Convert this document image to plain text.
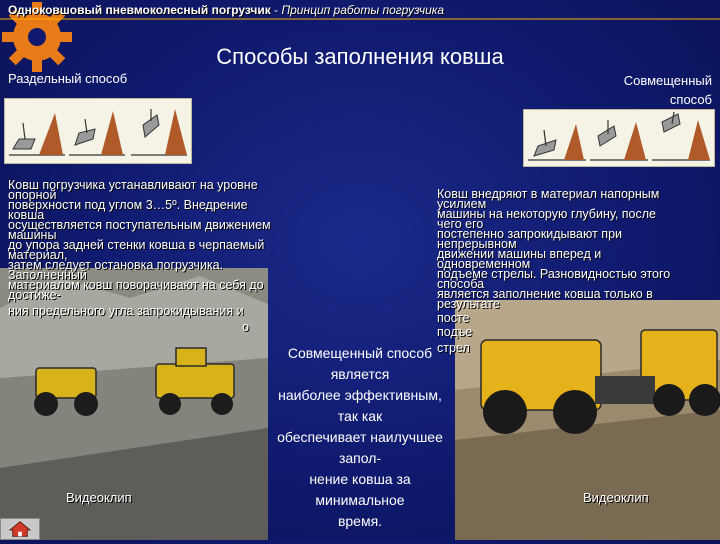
Одноковшовый пневмоколесный погрузчик - Принцип работы погрузчика
Способы заполнения ковша
Раздельный способ	Совмещенный способ
Ковш погрузчика устанавливают на уровне
опорной
поверхности под углом 3…5º. Внедрение
ковша
осуществляется поступательным движением
машины
до упора задней стенки ковша в черпаемый
материал,
затем следует остановка погрузчика.
Заполненный
материалом ковш поворачивают на себя до
достиже-
ния предельного угла запрокидывания и
о
Ковш внедряют в материал напорным
усилием
машины на некоторую глубину, после
чего его
постепенно запрокидывают при
непрерывном
движении машины вперед и
одновременном
подъеме стрелы. Разновидностью этого
способа
является заполнение ковша только в
результате
посте
подъе
стрел
Совмещенный способ
является
наиболее эффективным,
так как
обеспечивает наилучшее
запол-
нение ковша за
минимальное
время.
Видеоклип	Видеоклип
